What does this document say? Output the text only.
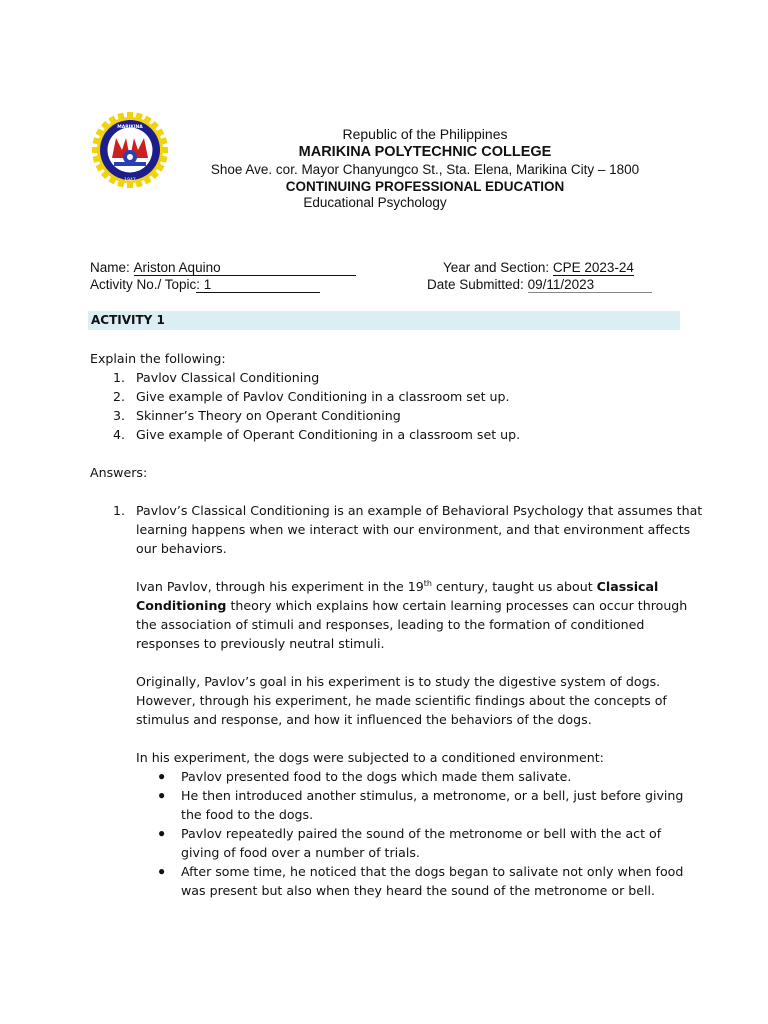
MARIKINA
1947
Republic of the Philippines
MARIKINA POLYTECHNIC COLLEGE
Shoe Ave. cor. Mayor Chanyungco St., Sta. Elena, Marikina City – 1800
CONTINUING PROFESSIONAL EDUCATION
Educational Psychology
Name: Ariston Aquino
Activity No./ Topic: 1
Year and Section: CPE 2023-24
Date Submitted: 09/11/2023
ACTIVITY 1
Explain the following:
1. Pavlov Classical Conditioning
2. Give example of Pavlov Conditioning in a classroom set up.
3. Skinner’s Theory on Operant Conditioning
4. Give example of Operant Conditioning in a classroom set up.
Answers:
1. Pavlov’s Classical Conditioning is an example of Behavioral Psychology that assumes that
learning happens when we interact with our environment, and that environment affects
our behaviors.
Ivan Pavlov, through his experiment in the 19th century, taught us about Classical
Conditioning theory which explains how certain learning processes can occur through
the association of stimuli and responses, leading to the formation of conditioned
responses to previously neutral stimuli.
Originally, Pavlov’s goal in his experiment is to study the digestive system of dogs.
However, through his experiment, he made scientific findings about the concepts of
stimulus and response, and how it influenced the behaviors of the dogs.
In his experiment, the dogs were subjected to a conditioned environment:
● Pavlov presented food to the dogs which made them salivate.
● He then introduced another stimulus, a metronome, or a bell, just before giving
the food to the dogs.
● Pavlov repeatedly paired the sound of the metronome or bell with the act of
giving of food over a number of trials.
● After some time, he noticed that the dogs began to salivate not only when food
was present but also when they heard the sound of the metronome or bell.
